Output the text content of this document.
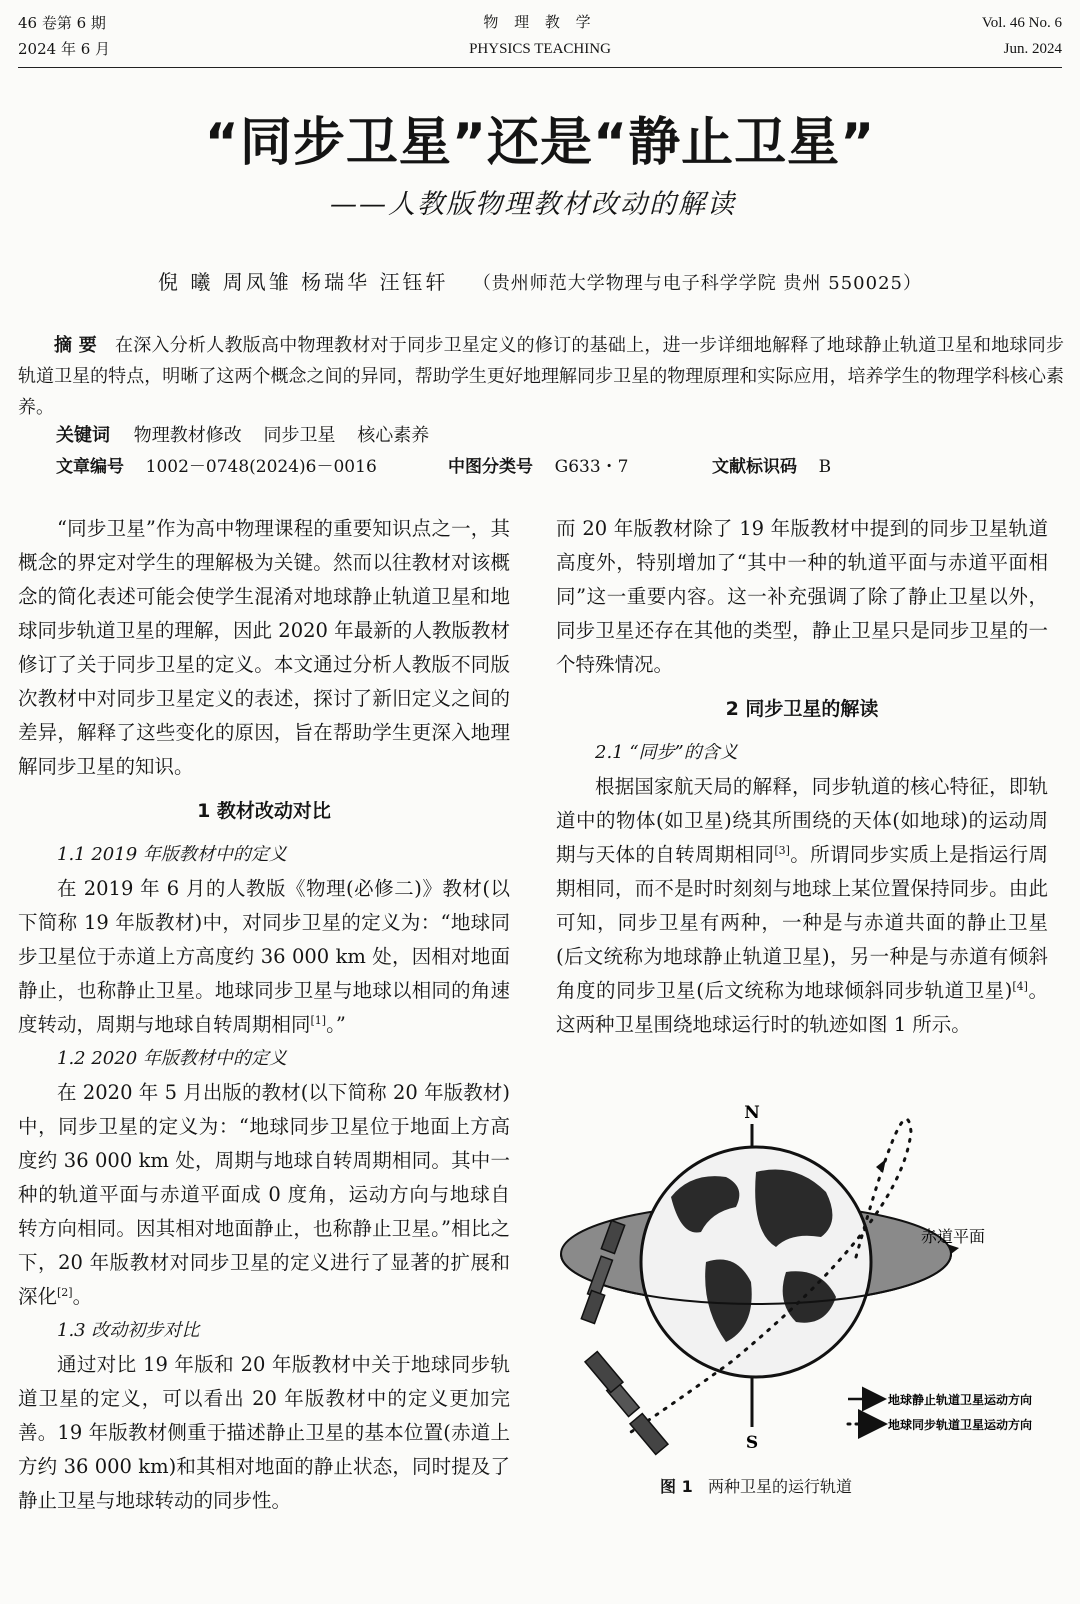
46 卷第 6 期
2024 年 6 月
物 理 教 学
PHYSICS TEACHING
Vol. 46 No. 6
Jun. 2024
“同步卫星”还是“静止卫星”
——人教版物理教材改动的解读
倪 曦 周凤雏 杨瑞华 汪钰轩 （贵州师范大学物理与电子科学学院 贵州 550025）
摘 要 在深入分析人教版高中物理教材对于同步卫星定义的修订的基础上，进一步详细地解释了地球静止轨道卫星和地球同步轨道卫星的特点，明晰了这两个概念之间的异同，帮助学生更好地理解同步卫星的物理原理和实际应用，培养学生的物理学科核心素养。
关键词 物理教材修改 同步卫星 核心素养
文章编号 1002－0748(2024)6－0016	中图分类号 G633・7	文献标识码 B

“同步卫星”作为高中物理课程的重要知识点之一，其概念的界定对学生的理解极为关键。然而以往教材对该概念的简化表述可能会使学生混淆对地球静止轨道卫星和地球同步轨道卫星的理解，因此 2020 年最新的人教版教材修订了关于同步卫星的定义。本文通过分析人教版不同版次教材中对同步卫星定义的表述，探讨了新旧定义之间的差异，解释了这些变化的原因，旨在帮助学生更深入地理解同步卫星的知识。

1 教材改动对比

1.1 2019 年版教材中的定义

在 2019 年 6 月的人教版《物理(必修二)》教材(以下简称 19 年版教材)中，对同步卫星的定义为：“地球同步卫星位于赤道上方高度约 36 000 km 处，因相对地面静止，也称静止卫星。地球同步卫星与地球以相同的角速度转动，周期与地球自转周期相同[1]。”

1.2 2020 年版教材中的定义

在 2020 年 5 月出版的教材(以下简称 20 年版教材)中，同步卫星的定义为：“地球同步卫星位于地面上方高度约 36 000 km 处，周期与地球自转周期相同。其中一种的轨道平面与赤道平面成 0 度角，运动方向与地球自转方向相同。因其相对地面静止，也称静止卫星。”相比之下，20 年版教材对同步卫星的定义进行了显著的扩展和深化[2]。

1.3 改动初步对比

通过对比 19 年版和 20 年版教材中关于地球同步轨道卫星的定义，可以看出 20 年版教材中的定义更加完善。19 年版教材侧重于描述静止卫星的基本位置(赤道上方约 36 000 km)和其相对地面的静止状态，同时提及了静止卫星与地球转动的同步性。

而 20 年版教材除了 19 年版教材中提到的同步卫星轨道高度外，特别增加了“其中一种的轨道平面与赤道平面相同”这一重要内容。这一补充强调了除了静止卫星以外，同步卫星还存在其他的类型，静止卫星只是同步卫星的一个特殊情况。

2 同步卫星的解读

2.1 “同步”的含义

根据国家航天局的解释，同步轨道的核心特征，即轨道中的物体(如卫星)绕其所围绕的天体(如地球)的运动周期与天体的自转周期相同[3]。所谓同步实质上是指运行周期相同，而不是时时刻刻与地球上某位置保持同步。由此可知，同步卫星有两种，一种是与赤道共面的静止卫星(后文统称为地球静止轨道卫星)，另一种是与赤道有倾斜角度的同步卫星(后文统称为地球倾斜同步轨道卫星)[4]。这两种卫星围绕地球运行时的轨迹如图 1 所示。

N
S
赤道平面
地球静止轨道卫星运动方向
地球同步轨道卫星运动方向
图 1 两种卫星的运行轨道
